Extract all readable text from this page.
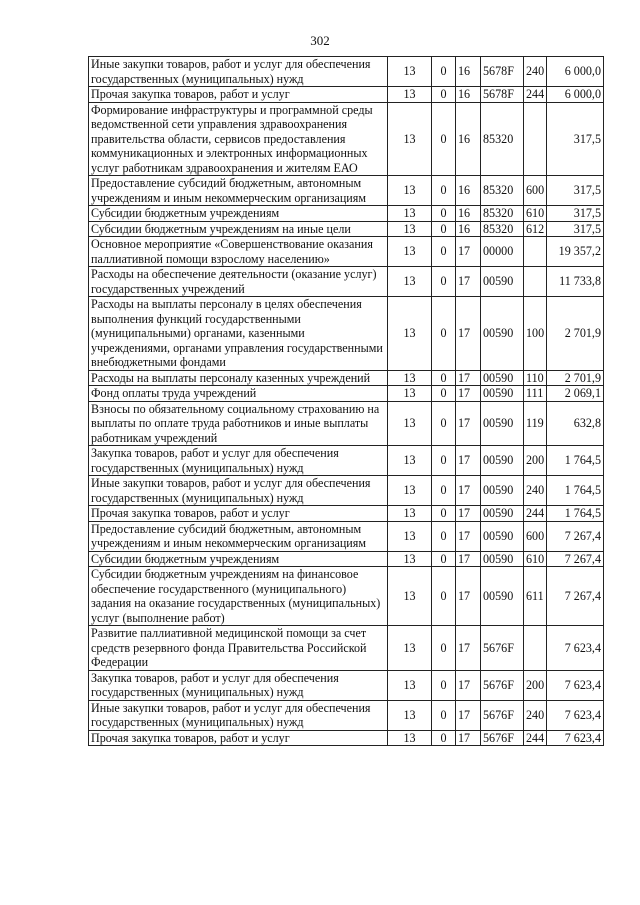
302
Иные закупки товаров, работ и услуг для обеспечения государственных (муниципальных) нужд	13	0	16	5678F	240	6 000,0
Прочая закупка товаров, работ и услуг	13	0	16	5678F	244	6 000,0
Формирование инфраструктуры и программной среды ведомственной сети управления здравоохранения правительства области, сервисов предоставления коммуникационных и электронных информационных услуг работникам здравоохранения и жителям ЕАО	13	0	16	85320		317,5
Предоставление субсидий бюджетным, автономным учреждениям и иным некоммерческим организациям	13	0	16	85320	600	317,5
Субсидии бюджетным учреждениям	13	0	16	85320	610	317,5
Субсидии бюджетным учреждениям на иные цели	13	0	16	85320	612	317,5
Основное мероприятие «Совершенствование оказания паллиативной помощи взрослому населению»	13	0	17	00000		19 357,2
Расходы на обеспечение деятельности (оказание услуг) государственных учреждений	13	0	17	00590		11 733,8
Расходы на выплаты персоналу в целях обеспечения выполнения функций государственными (муниципальными) органами, казенными учреждениями, органами управления государственными внебюджетными фондами	13	0	17	00590	100	2 701,9
Расходы на выплаты персоналу казенных учреждений	13	0	17	00590	110	2 701,9
Фонд оплаты труда учреждений	13	0	17	00590	111	2 069,1
Взносы по обязательному социальному страхованию на выплаты по оплате труда работников и иные выплаты работникам учреждений	13	0	17	00590	119	632,8
Закупка товаров, работ и услуг для обеспечения государственных (муниципальных) нужд	13	0	17	00590	200	1 764,5
Иные закупки товаров, работ и услуг для обеспечения государственных (муниципальных) нужд	13	0	17	00590	240	1 764,5
Прочая закупка товаров, работ и услуг	13	0	17	00590	244	1 764,5
Предоставление субсидий бюджетным, автономным учреждениям и иным некоммерческим организациям	13	0	17	00590	600	7 267,4
Субсидии бюджетным учреждениям	13	0	17	00590	610	7 267,4
Субсидии бюджетным учреждениям на финансовое обеспечение государственного (муниципального) задания на оказание государственных (муниципальных) услуг (выполнение работ)	13	0	17	00590	611	7 267,4
Развитие паллиативной медицинской помощи за счет средств резервного фонда Правительства Российской Федерации	13	0	17	5676F		7 623,4
Закупка товаров, работ и услуг для обеспечения государственных (муниципальных) нужд	13	0	17	5676F	200	7 623,4
Иные закупки товаров, работ и услуг для обеспечения государственных (муниципальных) нужд	13	0	17	5676F	240	7 623,4
Прочая закупка товаров, работ и услуг	13	0	17	5676F	244	7 623,4
